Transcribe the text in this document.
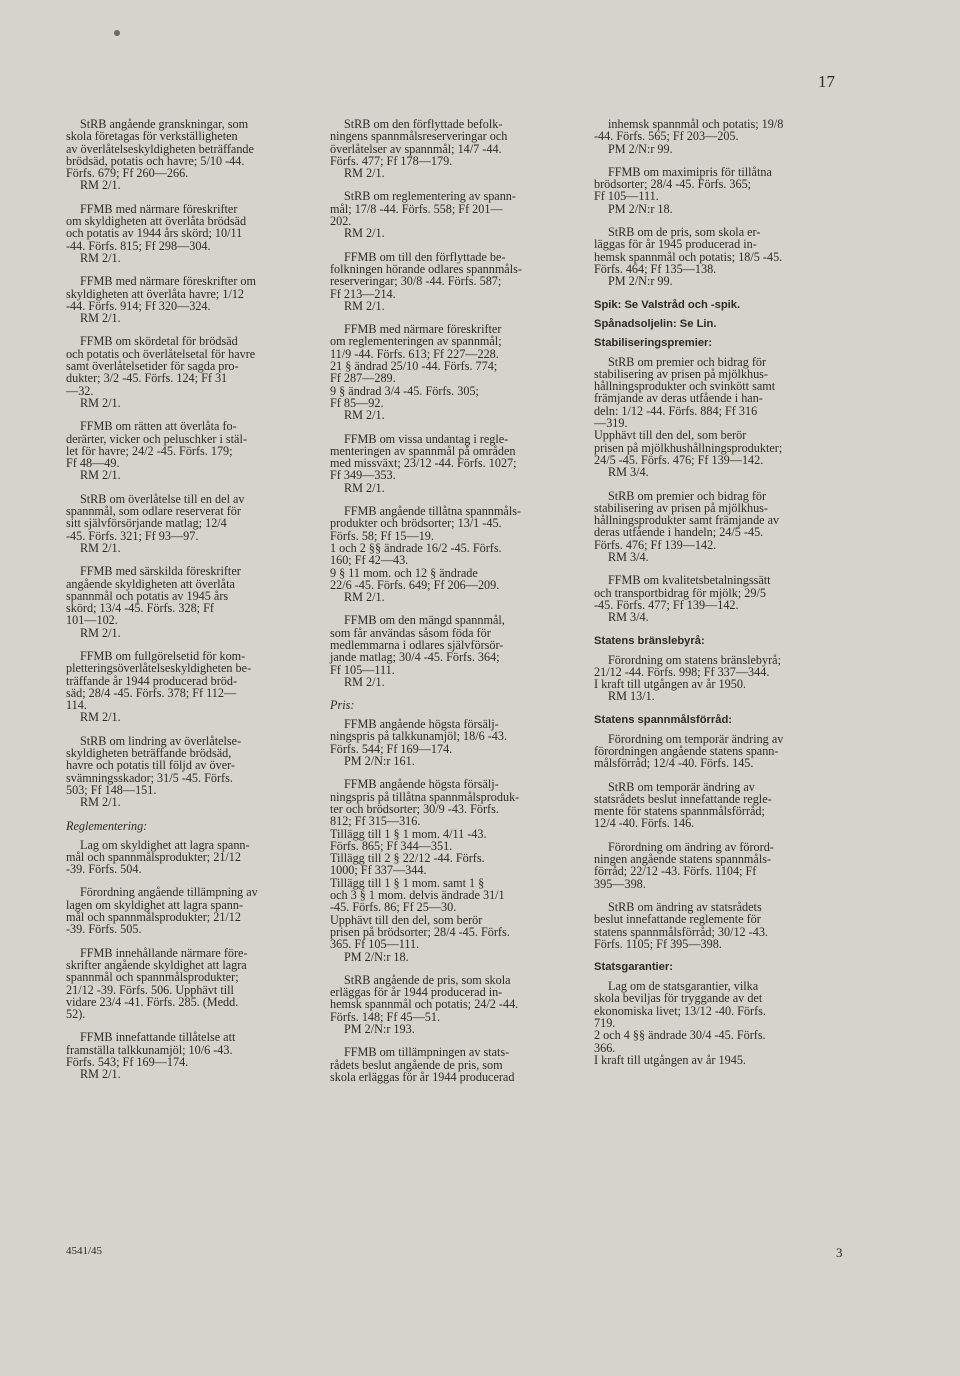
17
StRB angående granskningar, som
skola företagas för verkställigheten
av överlåtelseskyldigheten beträffande
brödsäd, potatis och havre; 5/10 -44.
Förfs. 679; Ff 260—266.
RM 2/1.
FFMB med närmare föreskrifter
om skyldigheten att överlåta brödsäd
och potatis av 1944 års skörd; 10/11
-44. Förfs. 815; Ff 298—304.
RM 2/1.
FFMB med närmare föreskrifter om
skyldigheten att överlåta havre; 1/12
-44. Förfs. 914; Ff 320—324.
RM 2/1.
FFMB om skördetal för brödsäd
och potatis och överlåtelsetal för havre
samt överlåtelsetider för sagda pro-
dukter; 3/2 -45. Förfs. 124; Ff 31
—32.
RM 2/1.
FFMB om rätten att överlåta fo-
derärter, vicker och peluschker i stäl-
let för havre; 24/2 -45. Förfs. 179;
Ff 48—49.
RM 2/1.
StRB om överlåtelse till en del av
spannmål, som odlare reserverat för
sitt självförsörjande matlag; 12/4
-45. Förfs. 321; Ff 93—97.
RM 2/1.
FFMB med särskilda föreskrifter
angående skyldigheten att överlåta
spannmål och potatis av 1945 års
skörd; 13/4 -45. Förfs. 328; Ff
101—102.
RM 2/1.
FFMB om fullgörelsetid för kom-
pletteringsöverlåtelseskyldigheten be-
träffande år 1944 producerad bröd-
säd; 28/4 -45. Förfs. 378; Ff 112—
114.
RM 2/1.
StRB om lindring av överlåtelse-
skyldigheten beträffande brödsäd,
havre och potatis till följd av över-
svämningsskador; 31/5 -45. Förfs.
503; Ff 148—151.
RM 2/1.
Reglementering:
Lag om skyldighet att lagra spann-
mål och spannmålsprodukter; 21/12
-39. Förfs. 504.
Förordning angående tillämpning av
lagen om skyldighet att lagra spann-
mål och spannmålsprodukter; 21/12
-39. Förfs. 505.
FFMB innehållande närmare före-
skrifter angående skyldighet att lagra
spannmål och spannmålsprodukter;
21/12 -39. Förfs. 506. Upphävt till
vidare 23/4 -41. Förfs. 285. (Medd.
52).
FFMB innefattande tillåtelse att
framställa talkkunamjöl; 10/6 -43.
Förfs. 543; Ff 169—174.
RM 2/1.
StRB om den förflyttade befolk-
ningens spannmålsreserveringar och
överlåtelser av spannmål; 14/7 -44.
Förfs. 477; Ff 178—179.
RM 2/1.
StRB om reglementering av spann-
mål; 17/8 -44. Förfs. 558; Ff 201—
202.
RM 2/1.
FFMB om till den förflyttade be-
folkningen hörande odlares spannmåls-
reserveringar; 30/8 -44. Förfs. 587;
Ff 213—214.
RM 2/1.
FFMB med närmare föreskrifter
om reglementeringen av spannmål;
11/9 -44. Förfs. 613; Ff 227—228.
21 § ändrad 25/10 -44. Förfs. 774;
Ff 287—289.
9 § ändrad 3/4 -45. Förfs. 305;
Ff 85—92.
RM 2/1.
FFMB om vissa undantag i regle-
menteringen av spannmål på områden
med missväxt; 23/12 -44. Förfs. 1027;
Ff 349—353.
RM 2/1.
FFMB angående tillåtna spannmåls-
produkter och brödsorter; 13/1 -45.
Förfs. 58; Ff 15—19.
1 och 2 §§ ändrade 16/2 -45. Förfs.
160; Ff 42—43.
9 § 11 mom. och 12 § ändrade
22/6 -45. Förfs. 649; Ff 206—209.
RM 2/1.
FFMB om den mängd spannmål,
som får användas såsom föda för
medlemmarna i odlares självförsör-
jande matlag; 30/4 -45. Förfs. 364;
Ff 105—111.
RM 2/1.
Pris:
FFMB angående högsta försälj-
ningspris på talkkunamjöl; 18/6 -43.
Förfs. 544; Ff 169—174.
PM 2/N:r 161.
FFMB angående högsta försälj-
ningspris på tillåtna spannmålsproduk-
ter och brödsorter; 30/9 -43. Förfs.
812; Ff 315—316.
Tillägg till 1 § 1 mom. 4/11 -43.
Förfs. 865; Ff 344—351.
Tillägg till 2 § 22/12 -44. Förfs.
1000; Ff 337—344.
Tillägg till 1 § 1 mom. samt 1 §
och 3 § 1 mom. delvis ändrade 31/1
-45. Förfs. 86; Ff 25—30.
Upphävt till den del, som berör
prisen på brödsorter; 28/4 -45. Förfs.
365. Ff 105—111.
PM 2/N:r 18.
StRB angående de pris, som skola
erläggas för år 1944 producerad in-
hemsk spannmål och potatis; 24/2 -44.
Förfs. 148; Ff 45—51.
PM 2/N:r 193.
FFMB om tillämpningen av stats-
rådets beslut angående de pris, som
skola erläggas för år 1944 producerad
inhemsk spannmål och potatis; 19/8
-44. Förfs. 565; Ff 203—205.
PM 2/N:r 99.
FFMB om maximipris för tillåtna
brödsorter; 28/4 -45. Förfs. 365;
Ff 105—111.
PM 2/N:r 18.
StRB om de pris, som skola er-
läggas för år 1945 producerad in-
hemsk spannmål och potatis; 18/5 -45.
Förfs. 464; Ff 135—138.
PM 2/N:r 99.
Spik: Se Valstråd och -spik.
Spånadsoljelin: Se Lin.
Stabiliseringspremier:
StRB om premier och bidrag för
stabilisering av prisen på mjölkhus-
hållningsprodukter och svinkött samt
främjande av deras utfående i han-
deln: 1/12 -44. Förfs. 884; Ff 316
—319.
Upphävt till den del, som berör
prisen på mjölkhushållningsprodukter;
24/5 -45. Förfs. 476; Ff 139—142.
RM 3/4.
StRB om premier och bidrag för
stabilisering av prisen på mjölkhus-
hållningsprodukter samt främjande av
deras utfående i handeln; 24/5 -45.
Förfs. 476; Ff 139—142.
RM 3/4.
FFMB om kvalitetsbetalningssätt
och transportbidrag för mjölk; 29/5
-45. Förfs. 477; Ff 139—142.
RM 3/4.
Statens bränslebyrå:
Förordning om statens bränslebyrå;
21/12 -44. Förfs. 998; Ff 337—344.
I kraft till utgången av år 1950.
RM 13/1.
Statens spannmålsförråd:
Förordning om temporär ändring av
förordningen angående statens spann-
målsförråd; 12/4 -40. Förfs. 145.
StRB om temporär ändring av
statsrådets beslut innefattande regle-
mente för statens spannmålsförråd;
12/4 -40. Förfs. 146.
Förordning om ändring av förord-
ningen angående statens spannmåls-
förråd; 22/12 -43. Förfs. 1104; Ff
395—398.
StRB om ändring av statsrådets
beslut innefattande reglemente för
statens spannmålsförråd; 30/12 -43.
Förfs. 1105; Ff 395—398.
Statsgarantier:
Lag om de statsgarantier, vilka
skola beviljas för tryggande av det
ekonomiska livet; 13/12 -40. Förfs.
719.
2 och 4 §§ ändrade 30/4 -45. Förfs.
366.
I kraft till utgången av år 1945.
4541/45	3
